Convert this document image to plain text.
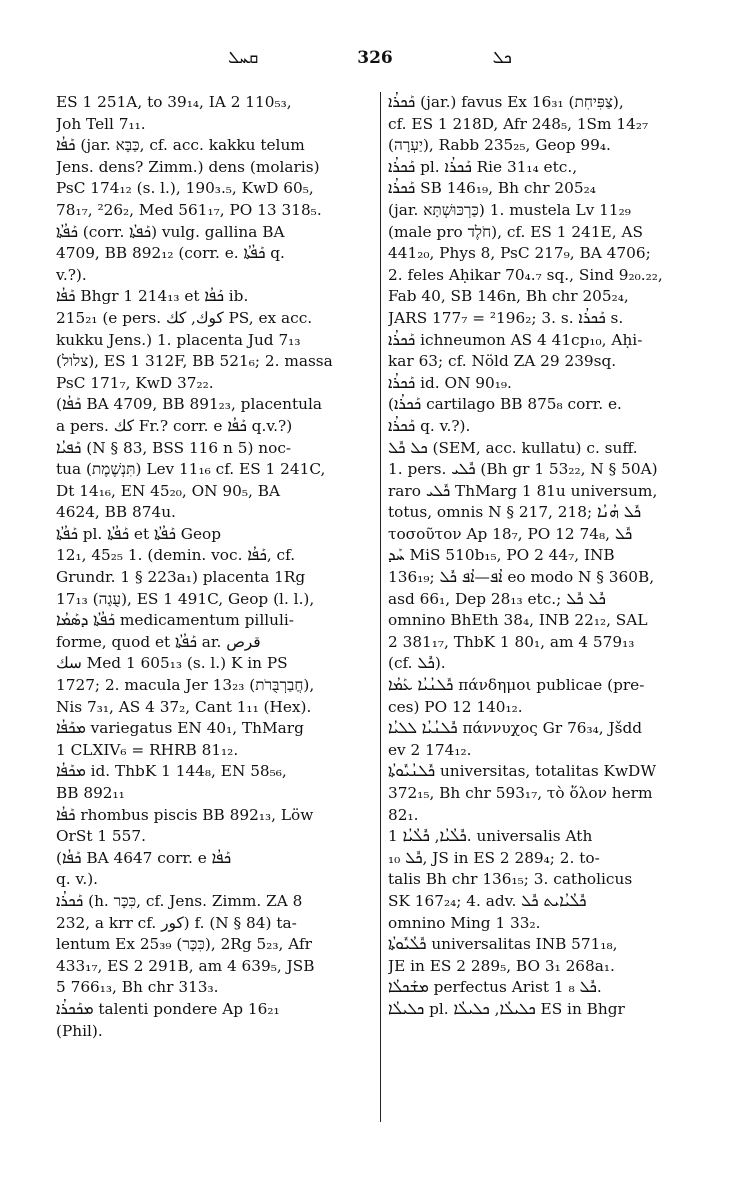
ܩܚܠ	326	ܟܠ
ES 1 251A, to 39₁₄, IA 2 110₅₃,
Joh Tell 7₁₁.
ܟܰܦܳܐ (jar. כַּבָּא, cf. acc. kakku telum
Jens. dens? Zimm.) dens (molaris)
PsC 174₁₂ (s. l.), 190₃.₅, KwD 60₅,
78₁₇, ²26₂, Med 561₁₇, PO 13 318₅.
ܟܰܦܳܬܳܐ (corr. ܟܰܦܬܳܐ) vulg. gallina BA
4709, BB 892₁₂ (corr. e. ܟܰܦܳܬܳܐ q.
v.?).
ܟܰܦܳܐ Bhgr 1 214₁₃ et ܟܰܦܳܐ ib.
215₂₁ (e pers. كوك, كك PS, ex acc.
kukku Jens.) 1. placenta Jud 7₁₃
(צלול), ES 1 312F, BB 521₆; 2. massa
PsC 171₇, KwD 37₂₂.
(ܟܰܦܳܐ BA 4709, BB 891₂₃, placentula
a pers. كك Fr.? corr. e ܟܰܦܳܐ q.v.?)
ܟܰܦܝܳܐ (N § 83, BSS 116 n 5) noc-
tua (תִּנְשֶׁמֶת) Lev 11₁₆ cf. ES 1 241C,
Dt 14₁₆, EN 45₂₀, ON 90₅, BA
4624, BB 874u.
ܟܰܦܳܬܳܐ pl. ܟܰܦܳܬܳܐ et ܟܰܦܳܬܳܐ Geop
12₁, 45₂₅ 1. (demin. voc. ܟܰܦܳܐ, cf.
Grundr. 1 § 223a₁) placenta 1Rg
17₁₃ (עֻגָה), ES 1 491C, Geop (l. l.),
ܟܰܦܳܬܳܐ ܕܣܰܡܳܐ medicamentum pilluli-
forme, quod et ܟܰܦܳܬܳܐ ar. قرص
سك Med 1 605₁₃ (s. l.) K in PS
1727; 2. macula Jer 13₂₃ (חֲבַרְבֻּרֹת),
Nis 7₃₁, AS 4 37₂, Cant 1₁₁ (Hex).
ܡܟܰܦܳܐ variegatus EN 40₁, ThMarg
1 CLXIV₆ = RHRB 81₁₂.
ܡܟܰܦܳܐ id. ThbK 1 144₈, EN 58₅₆,
BB 892₁₁
ܟܰܦܳܐ rhombus piscis BB 892₁₃, Löw
OrSt 1 557.
(ܟܰܦܳܐ BA 4647 corr. e ܟܰܦܳܐ
q. v.).
ܟܰܟܪܳܐ (h. כִּכָּר, cf. Jens. Zimm. ZA 8
232, a krr cf. كور) f. (N § 84) ta-
lentum Ex 25₃₉ (כִּכָּר), 2Rg 5₂₃, Afr
433₁₇, ES 2 291B, am 4 639₅, JSB
5 766₁₃, Bh chr 313₃.
ܡܟܰܟܪܳܐ talenti pondere Ap 16₂₁
(Phil).
ܟܰܟܪܳܐ (jar.) favus Ex 16₃₁ (צַפִּיחִת),
cf. ES 1 218D, Afr 248₅, 1Sm 14₂₇
(יַעְרָה), Rabb 235₂₅, Geop 99₄.
ܟܰܟܪܳܐ pl. ܟܰܟܪܳܐ Rie 31₁₄ etc.,
ܟܰܟܪܳܐ SB 146₁₉, Bh chr 205₂₄
(jar. כַּרְכּוּשְׁתָּא) 1. mustela Lv 11₂₉
(male pro חֹלֶד), cf. ES 1 241E, AS
441₂₀, Phys 8, PsC 217₉, BA 4706;
2. feles Aḥikar 70₄.₇ sq., Sind 9₂₀.₂₂,
Fab 40, SB 146n, Bh chr 205₂₄,
JARS 177₇ = ²196₂; 3. s. ܟܰܟܪܳܐ s.
ܟܰܟܪܳܐ ichneumon AS 4 41cp₁₀, Aḥi-
kar 63; cf. Nöld ZA 29 239sq.
ܟܰܟܪܳܐ id. ON 90₁₉.
(ܟܰܟܪܳܐ cartilago BB 875₈ corr. e.
ܟܰܟܪܳܐ q. v.?).
ܟܠ ܟܽܠ (SEM, acc. kullatu) c. suff.
1. pers. ܟܽܠܝ (Bh gr 1 53₂₂, N § 50A)
raro ܟܽܠܝ ThMarg 1 81u universum,
totus, omnis N § 217, 218; ܟܽܠ ܗܳܢܳܐ
τοσοῦτον Ap 18₇, PO 12 74₈, ܟܽܠ
ܚܰܕ MiS 510b₁₅, PO 2 44₇, INB
136₁₉; ܐܳܦ—ܐܳܦ ܟܽܠ eo modo N § 360B,
asd 66₁, Dep 28₁₃ etc.; ܟܽܠ ܟܽܠ
omnino BhEth 38₄, INB 22₁₂, SAL
2 381₁₇, ThbK 1 80₁, am 4 579₁₃
(cf. ܟܽܠ).
ܟܽܠܢܳܝܳܐ ܥܰܡܳܐ πάνδημοι publicae (pre-
ces) PO 12 140₁₂.
ܟܽܠܢܳܝܳܐ ܠܠܝܳܐ πάννυχος Gr 76₃₄, Jšdd
ev 2 174₁₂.
ܟܽܠܢܳܝܽܘܬܳܐ universitas, totalitas KwDW
372₁₅, Bh chr 593₁₇, τὸ ὅλον herm
82₁.
ܟܽܠܳܝܳܐ, ܟܽܠܳܝܳܐ 1. universalis Ath
ܟܽܠ ₁₀, JS in ES 2 289₄; 2. to-
talis Bh chr 136₁₅; 3. catholicus
SK 167₂₄; 4. adv. ܟܽܠܳܝܳܐܝܬ ܟܽܠ
omnino Ming 1 33₂.
ܟܽܠܳܝܽܘܬܳܐ universalitas INB 571₁₈,
JE in ES 2 289₅, BO 3₁ 268a₁.
ܡܫܰܟܠܳܐ perfectus Arist 1 ܟܽܠ ₈.
ܟܠܝܠܳܐ pl. ܟܠܝܠܳܐ, ܟܠܝܠܳܐ ES in Bhgr
